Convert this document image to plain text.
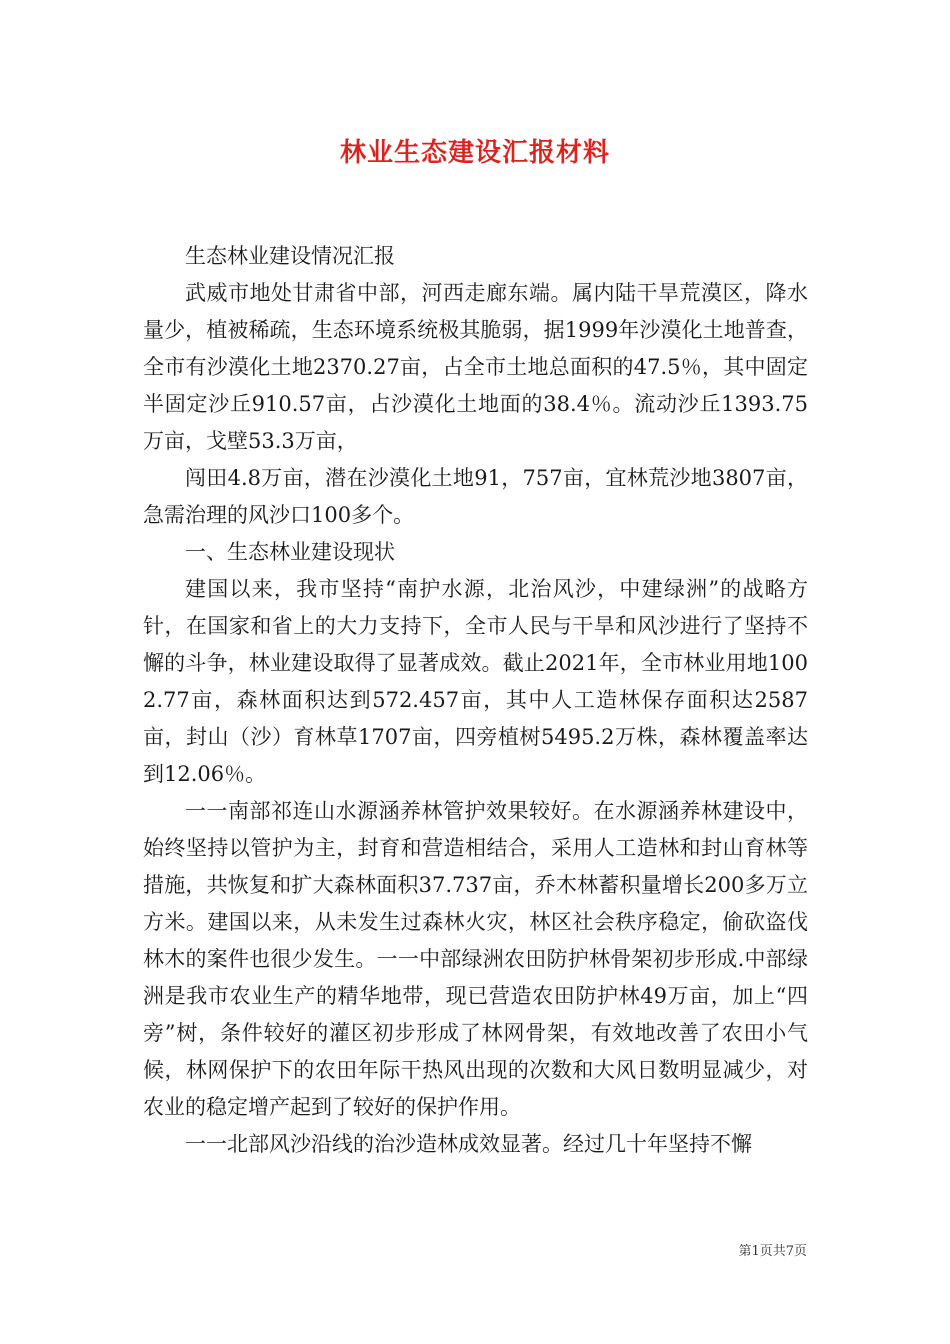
林业生态建设汇报材料

生态林业建设情况汇报

武威市地处甘肃省中部，河西走廊东端。属内陆干旱荒漠区，降水量少，植被稀疏，生态环境系统极其脆弱，据1999年沙漠化土地普查，全市有沙漠化土地2370.27亩，占全市土地总面积的47.5％，其中固定半固定沙丘910.57亩，占沙漠化土地面的38.4％。流动沙丘1393.75万亩，戈壁53.3万亩，

闯田4.8万亩，潜在沙漠化土地91，757亩，宜林荒沙地3807亩，急需治理的风沙口100多个。

一、生态林业建设现状

建国以来，我市坚持“南护水源，北治风沙，中建绿洲”的战略方针，在国家和省上的大力支持下，全市人民与干旱和风沙进行了坚持不懈的斗争，林业建设取得了显著成效。截止2021年，全市林业用地1002.77亩，森林面积达到572.457亩，其中人工造林保存面积达2587亩，封山（沙）育林草1707亩，四旁植树5495.2万株，森林覆盖率达到12.06％。

一一南部祁连山水源涵养林管护效果较好。在水源涵养林建设中，始终坚持以管护为主，封育和营造相结合，采用人工造林和封山育林等措施，共恢复和扩大森林面积37.737亩，乔木林蓄积量增长200多万立方米。建国以来，从未发生过森林火灾，林区社会秩序稳定，偷砍盗伐林木的案件也很少发生。一一中部绿洲农田防护林骨架初步形成.中部绿洲是我市农业生产的精华地带，现已营造农田防护林49万亩，加上“四旁”树，条件较好的灌区初步形成了林网骨架，有效地改善了农田小气候，林网保护下的农田年际干热风出现的次数和大风日数明显减少，对农业的稳定增产起到了较好的保护作用。

一一北部风沙沿线的治沙造林成效显著。经过几十年坚持不懈

第1页共7页
